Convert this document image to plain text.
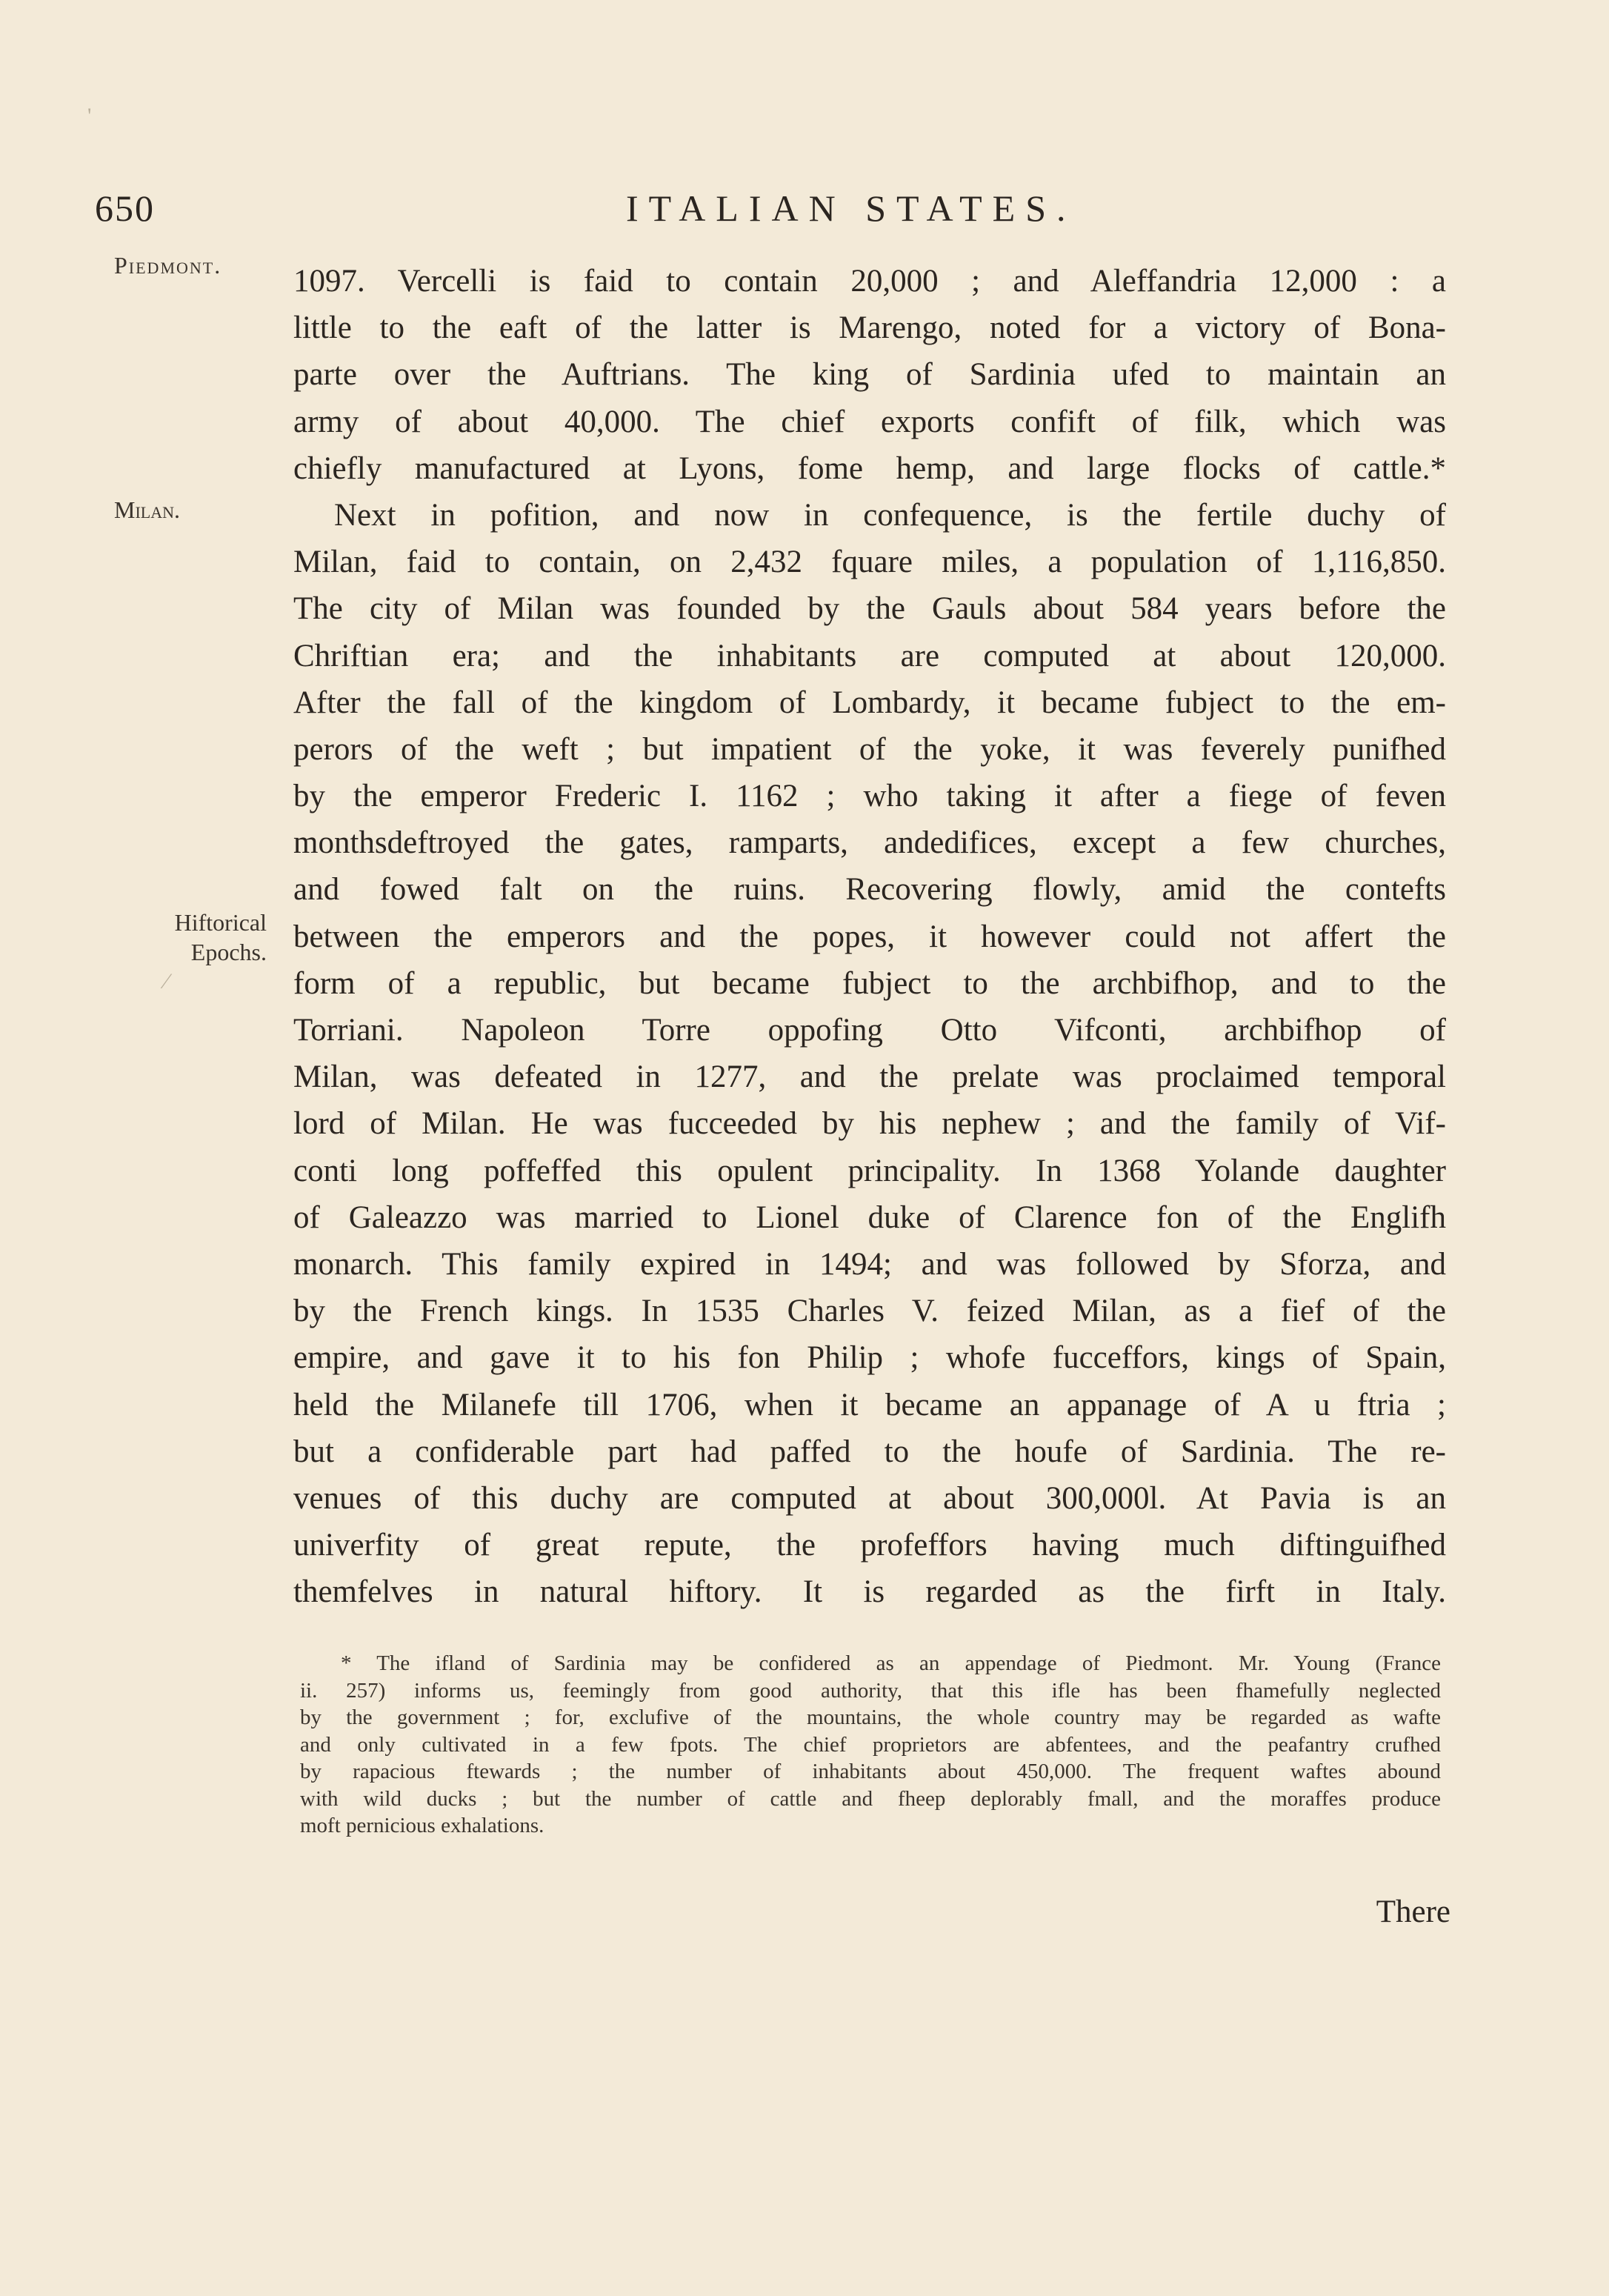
650	ITALIAN STATES.
Piedmont.
Milan.
Hiftorical
Epochs.
1097. Vercelli is faid to contain 20,000 ; and Aleffandria 12,000 : a
little to the eaft of the latter is Marengo, noted for a victory of Bona-
parte over the Auftrians. The king of Sardinia ufed to maintain an
army of about 40,000. The chief exports confift of filk, which was
chiefly manufactured at Lyons, fome hemp, and large flocks of cattle.*
Next in pofition, and now in confequence, is the fertile duchy of
Milan, faid to contain, on 2,432 fquare miles, a population of 1,116,850.
The city of Milan was founded by the Gauls about 584 years before the
Chriftian era; and the inhabitants are computed at about 120,000.
After the fall of the kingdom of Lombardy, it became fubject to the em-
perors of the weft ; but impatient of the yoke, it was feverely punifhed
by the emperor Frederic I. 1162 ; who taking it after a fiege of feven
monthsdeftroyed the gates, ramparts, andedifices, except a few churches,
and fowed falt on the ruins. Recovering flowly, amid the contefts
between the emperors and the popes, it however could not affert the
form of a republic, but became fubject to the archbifhop, and to the
Torriani. Napoleon Torre oppofing Otto Vifconti, archbifhop of
Milan, was defeated in 1277, and the prelate was proclaimed temporal
lord of Milan. He was fucceeded by his nephew ; and the family of Vif-
conti long poffeffed this opulent principality. In 1368 Yolande daughter
of Galeazzo was married to Lionel duke of Clarence fon of the Englifh
monarch. This family expired in 1494; and was followed by Sforza, and
by the French kings. In 1535 Charles V. feized Milan, as a fief of the
empire, and gave it to his fon Philip ; whofe fucceffors, kings of Spain,
held the Milanefe till 1706, when it became an appanage of A u ftria ;
but a confiderable part had paffed to the houfe of Sardinia. The re-
venues of this duchy are computed at about 300,000l. At Pavia is an
univerfity of great repute, the profeffors having much diftinguifhed
themfelves in natural hiftory. It is regarded as the firft in Italy.
* The ifland of Sardinia may be confidered as an appendage of Piedmont. Mr. Young (France
ii. 257) informs us, feemingly from good authority, that this ifle has been fhamefully neglected
by the government ; for, exclufive of the mountains, the whole country may be regarded as wafte
and only cultivated in a few fpots. The chief proprietors are abfentees, and the peafantry crufhed
by rapacious ftewards ; the number of inhabitants about 450,000. The frequent waftes abound
with wild ducks ; but the number of cattle and fheep deplorably fmall, and the moraffes produce
moft pernicious exhalations.
There
'
⁄
